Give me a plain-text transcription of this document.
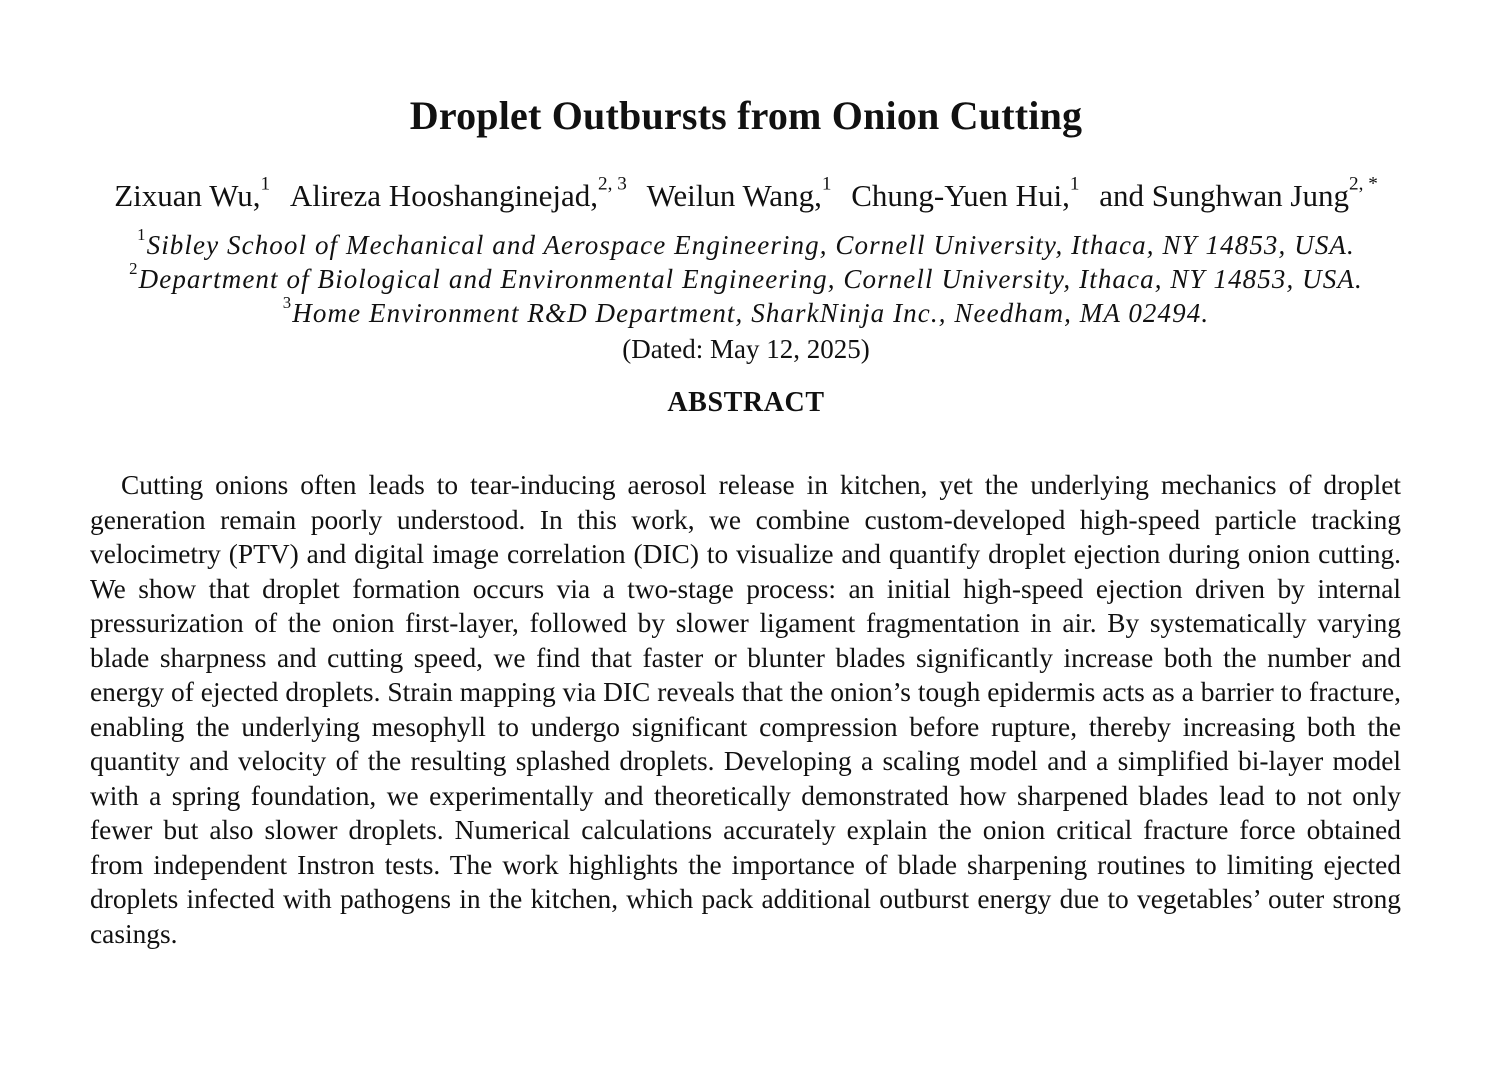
Droplet Outbursts from Onion Cutting
Zixuan Wu,$^1$ Alireza Hooshanginejad,$^{2, 3}$ Weilun Wang,$^1$ Chung-Yuen Hui,$^1$ and Sunghwan Jung$^{2, *}$
$^1$Sibley School of Mechanical and Aerospace Engineering, Cornell University, Ithaca, NY 14853, USA.
$^2$Department of Biological and Environmental Engineering, Cornell University, Ithaca, NY 14853, USA.
$^3$Home Environment R&D Department, SharkNinja Inc., Needham, MA 02494.
(Dated: May 12, 2025)
ABSTRACT

Cutting onions often leads to tear-inducing aerosol release in kitchen, yet the underlying mechanics of droplet generation remain poorly understood. In this work, we combine custom-developed high-speed particle tracking velocimetry (PTV) and digital image correlation (DIC) to visualize and quantify droplet ejection during onion cutting. We show that droplet formation occurs via a two-stage process: an initial high-speed ejection driven by internal pressurization of the onion first-layer, followed by slower ligament fragmentation in air. By systematically varying blade sharpness and cutting speed, we find that faster or blunter blades significantly increase both the number and energy of ejected droplets. Strain mapping via DIC reveals that the onion’s tough epidermis acts as a barrier to fracture, enabling the underlying mesophyll to undergo significant compression before rupture, thereby increasing both the quantity and velocity of the resulting splashed droplets. Developing a scaling model and a simplified bi-layer model with a spring foundation, we experimentally and theoretically demonstrated how sharpened blades lead to not only fewer but also slower droplets. Numerical calculations accurately explain the onion critical fracture force obtained from independent Instron tests. The work highlights the importance of blade sharpening routines to limiting ejected droplets infected with pathogens in the kitchen, which pack additional outburst energy due to vegetables’ outer strong casings.
